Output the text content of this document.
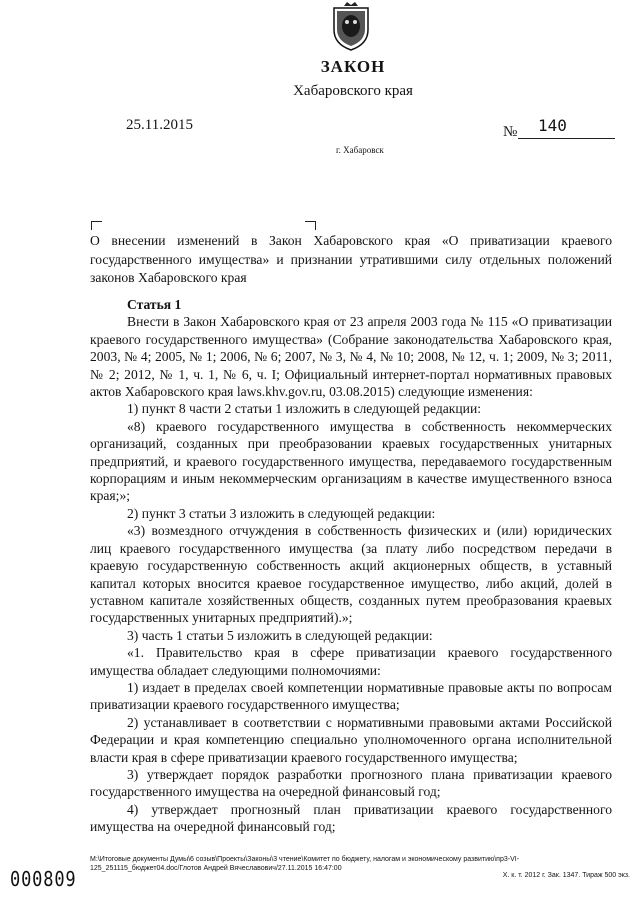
ЗАКОН
Хабаровского края
25.11.2015	№ 140
г. Хабаровск
О внесении изменений в Закон Хабаровского края «О приватизации краевого государственного имущества» и признании утратившими силу отдельных положений законов Хабаровского края

Статья 1

Внести в Закон Хабаровского края от 23 апреля 2003 года № 115 «О приватизации краевого государственного имущества» (Собрание законодательства Хабаровского края, 2003, № 4; 2005, № 1; 2006, № 6; 2007, № 3, № 4, № 10; 2008, № 12, ч. 1; 2009, № 3; 2011, № 2; 2012, № 1, ч. 1, № 6, ч. I; Официальный интернет-портал нормативных правовых актов Хабаровского края laws.khv.gov.ru, 03.08.2015) следующие изменения:

1) пункт 8 части 2 статьи 1 изложить в следующей редакции:

«8) краевого государственного имущества в собственность некоммерческих организаций, созданных при преобразовании краевых государственных унитарных предприятий, и краевого государственного имущества, передаваемого государственным корпорациям и иным некоммерческим организациям в качестве имущественного взноса края;»;

2) пункт 3 статьи 3 изложить в следующей редакции:

«3) возмездного отчуждения в собственность физических и (или) юридических лиц краевого государственного имущества (за плату либо посредством передачи в краевую государственную собственность акций акционерных обществ, в уставный капитал которых вносится краевое государственное имущество, либо акций, долей в уставном капитале хозяйственных обществ, созданных путем преобразования краевых государственных унитарных предприятий).»;

3) часть 1 статьи 5 изложить в следующей редакции:

«1. Правительство края в сфере приватизации краевого государственного имущества обладает следующими полномочиями:

1) издает в пределах своей компетенции нормативные правовые акты по вопросам приватизации краевого государственного имущества;

2) устанавливает в соответствии с нормативными правовыми актами Российской Федерации и края компетенцию специально уполномоченного органа исполнительной власти края в сфере приватизации краевого государственного имущества;

3) утверждает порядок разработки прогнозного плана приватизации краевого государственного имущества на очередной финансовый год;

4) утверждает прогнозный план приватизации краевого государственного имущества на очередной финансовый год;

М:\Итоговые документы Думы\6 созыв\Проекты\Законы\3 чтение\Комитет по бюджету, налогам и экономическому развитию\пр3-VI-
125_251115_бюджет04.doc/Глотов Андрей Вячеславович/27.11.2015 16:47:00
000809	Х. к. т. 2012 г. Зак. 1347. Тираж 500 экз.
